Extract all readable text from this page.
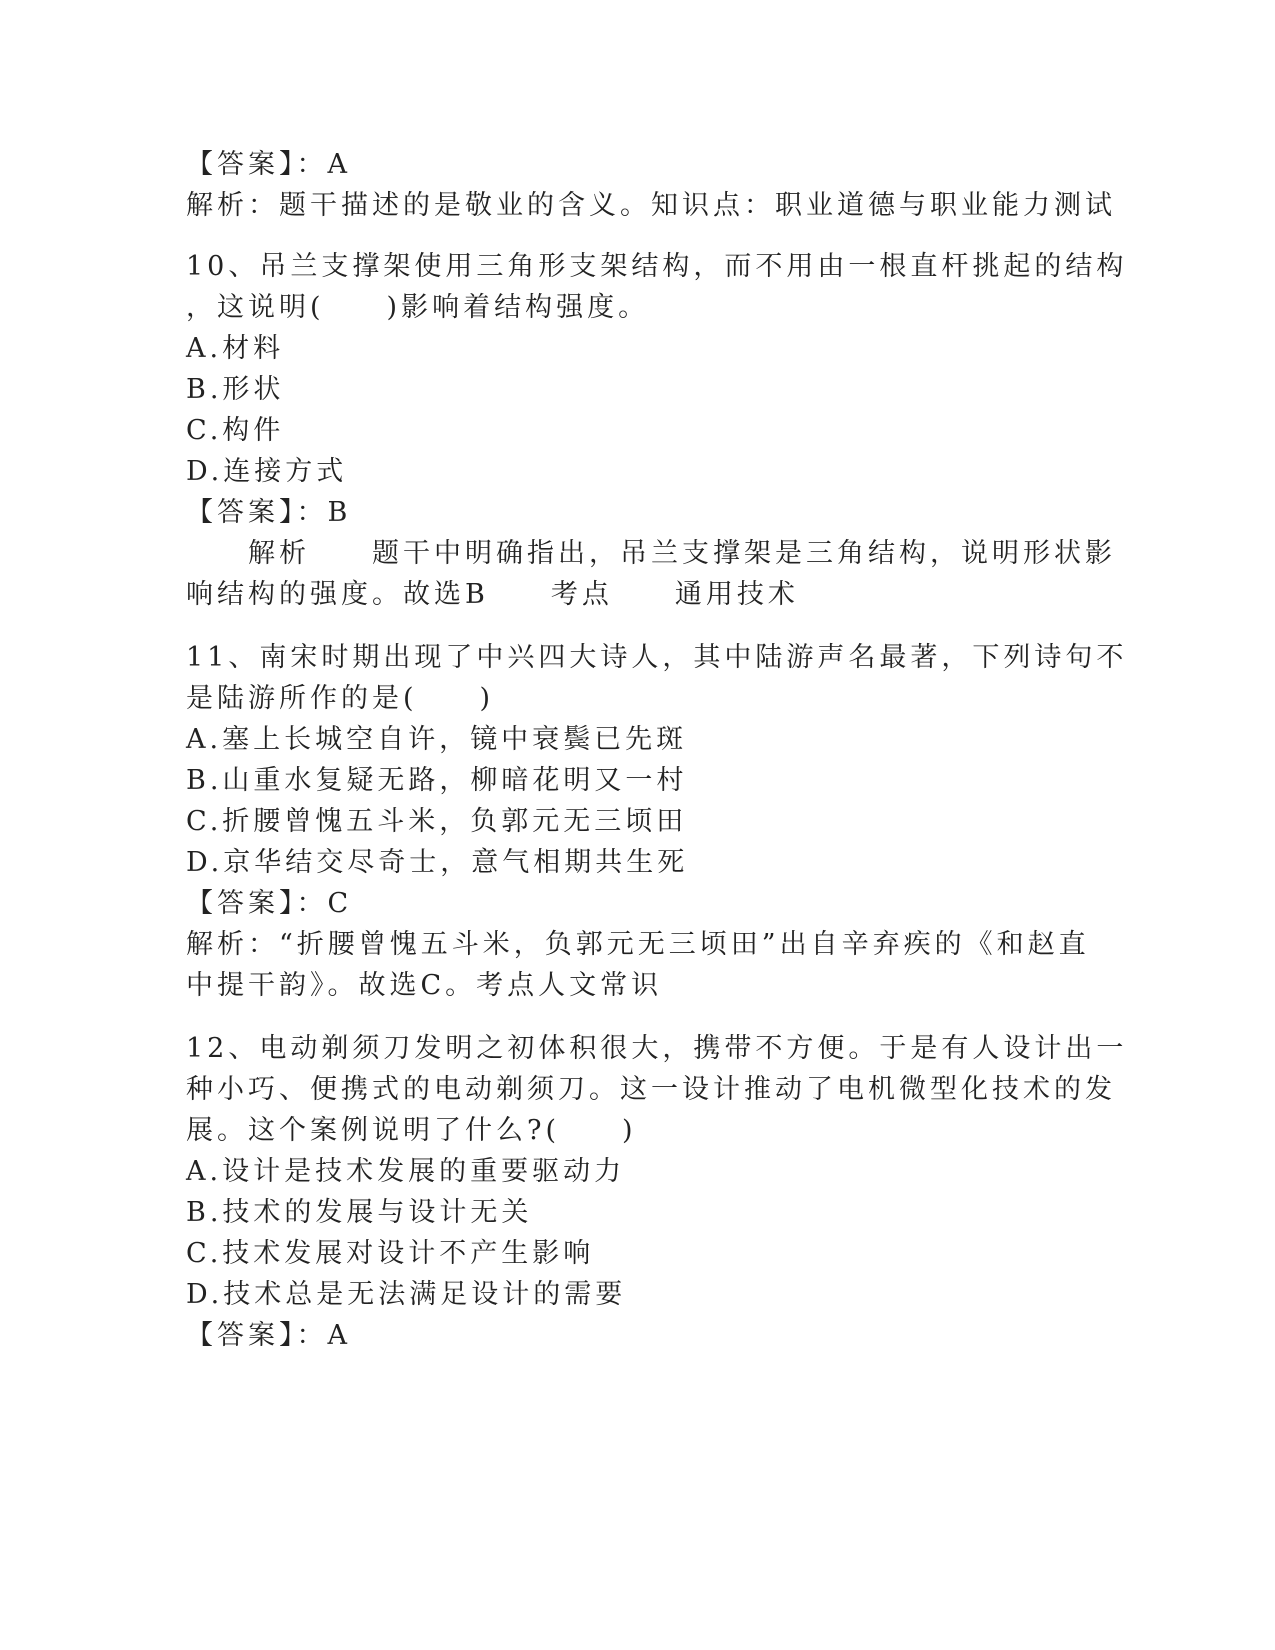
【答案】：A
解析：题干描述的是敬业的含义。知识点：职业道德与职业能力测试
10、吊兰支撑架使用三角形支架结构，而不用由一根直杆挑起的结构
，这说明(　　)影响着结构强度。
A.材料
B.形状
C.构件
D.连接方式
【答案】：B
　　解析　　题干中明确指出，吊兰支撑架是三角结构，说明形状影
响结构的强度。故选B　　考点　　通用技术
11、南宋时期出现了中兴四大诗人，其中陆游声名最著，下列诗句不
是陆游所作的是(　　)
A.塞上长城空自许，镜中衰鬓已先斑
B.山重水复疑无路，柳暗花明又一村
C.折腰曾愧五斗米，负郭元无三顷田
D.京华结交尽奇士，意气相期共生死
【答案】：C
解析：“折腰曾愧五斗米，负郭元无三顷田”出自辛弃疾的《和赵直
中提干韵》。故选C。考点人文常识
12、电动剃须刀发明之初体积很大，携带不方便。于是有人设计出一
种小巧、便携式的电动剃须刀。这一设计推动了电机微型化技术的发
展。这个案例说明了什么?(　　)
A.设计是技术发展的重要驱动力
B.技术的发展与设计无关
C.技术发展对设计不产生影响
D.技术总是无法满足设计的需要
【答案】：A
